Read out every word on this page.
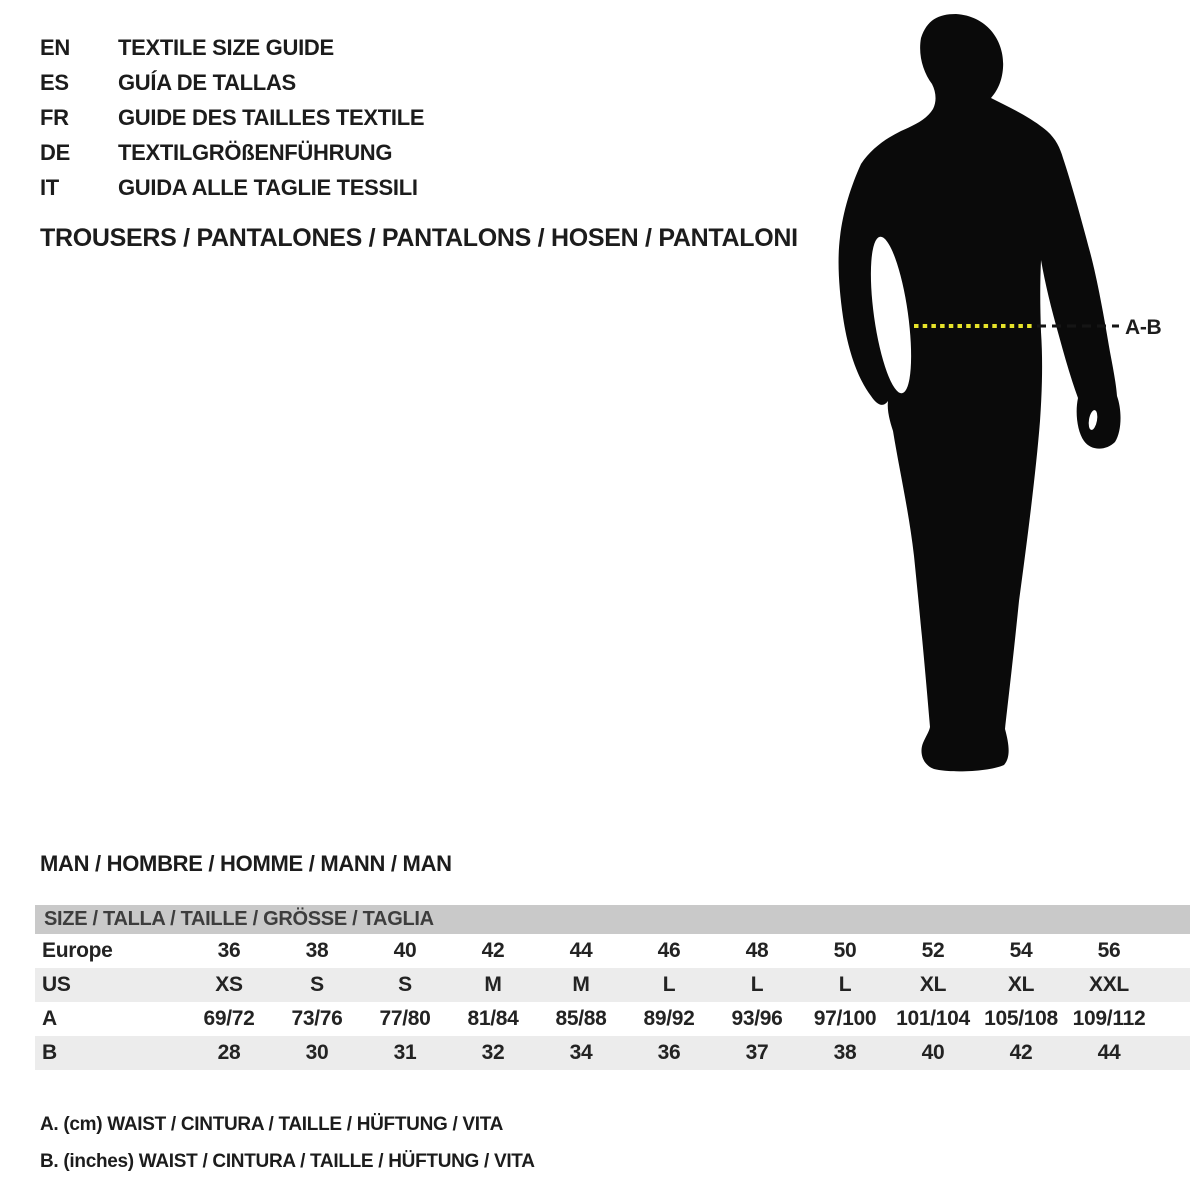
EN	TEXTILE SIZE GUIDE
ES	GUÍA DE TALLAS
FR	GUIDE DES TAILLES TEXTILE
DE	TEXTILGRÖßENFÜHRUNG
IT	GUIDA ALLE TAGLIE TESSILI
TROUSERS / PANTALONES / PANTALONS / HOSEN / PANTALONI
A-B
MAN / HOMBRE / HOMME / MANN / MAN
SIZE / TALLA / TAILLE / GRÖSSE / TAGLIA												
Europe	36	38	40	42	44	46	48	50	52	54	56	
US	XS	S	S	M	M	L	L	L	XL	XL	XXL	
A	69/72	73/76	77/80	81/84	85/88	89/92	93/96	97/100	101/104	105/108	109/112	
B	28	30	31	32	34	36	37	38	40	42	44	
A. (cm) WAIST / CINTURA / TAILLE / HÜFTUNG / VITA
B. (inches) WAIST / CINTURA / TAILLE / HÜFTUNG / VITA
